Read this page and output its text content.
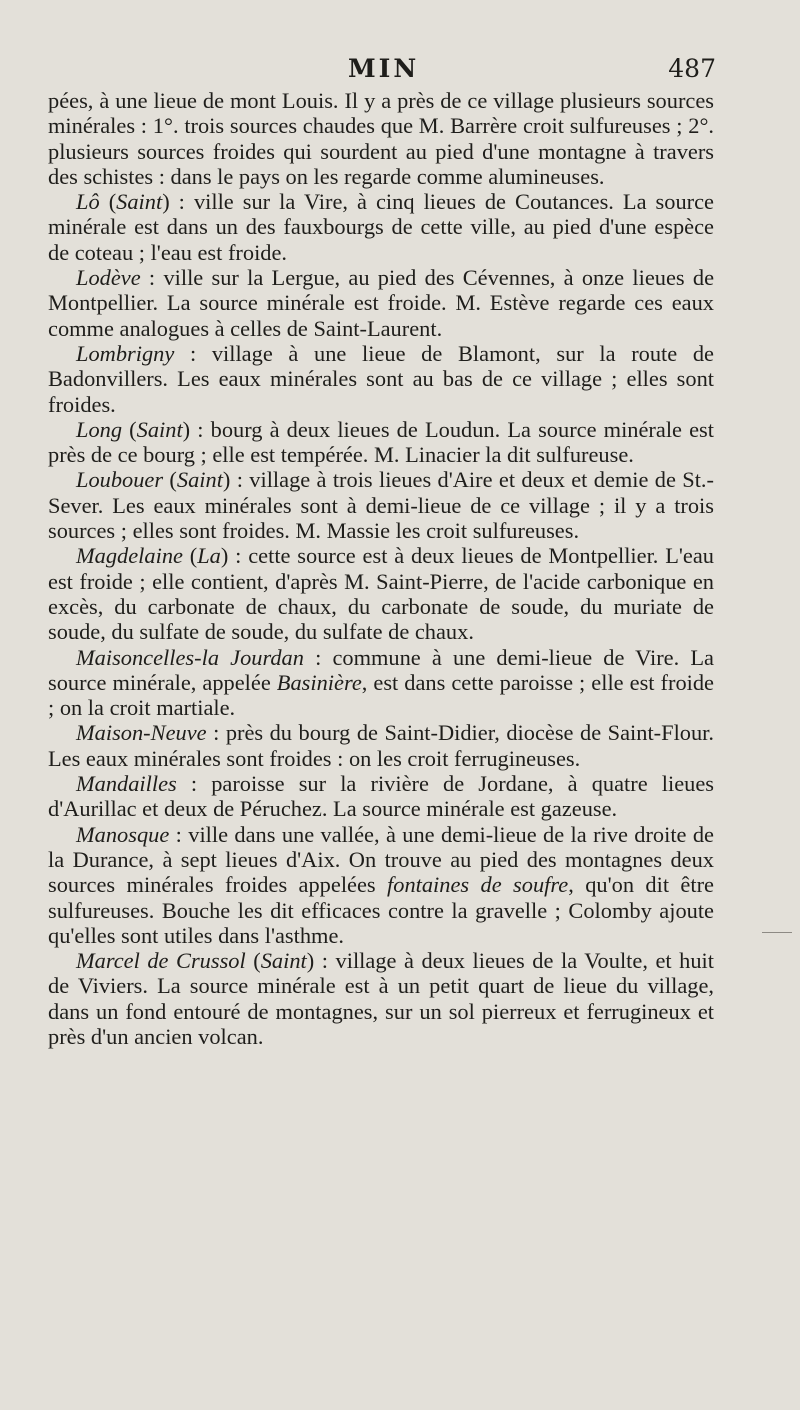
MIN	487

pées, à une lieue de mont Louis. Il y a près de ce village plusieurs sources minérales : 1°. trois sources chaudes que M. Barrère croit sulfureuses ; 2°. plusieurs sources froides qui sourdent au pied d'une montagne à travers des schistes : dans le pays on les regarde comme alumineuses.

Lô (Saint) : ville sur la Vire, à cinq lieues de Coutances. La source minérale est dans un des fauxbourgs de cette ville, au pied d'une espèce de coteau ; l'eau est froide.

Lodève : ville sur la Lergue, au pied des Cévennes, à onze lieues de Montpellier. La source minérale est froide. M. Estève regarde ces eaux comme analogues à celles de Saint-Laurent.

Lombrigny : village à une lieue de Blamont, sur la route de Badonvillers. Les eaux minérales sont au bas de ce village ; elles sont froides.

Long (Saint) : bourg à deux lieues de Loudun. La source minérale est près de ce bourg ; elle est tempérée. M. Linacier la dit sulfureuse.

Loubouer (Saint) : village à trois lieues d'Aire et deux et demie de St.-Sever. Les eaux minérales sont à demi-lieue de ce village ; il y a trois sources ; elles sont froides. M. Massie les croit sulfureuses.

Magdelaine (La) : cette source est à deux lieues de Montpellier. L'eau est froide ; elle contient, d'après M. Saint-Pierre, de l'acide carbonique en excès, du carbonate de chaux, du carbonate de soude, du muriate de soude, du sulfate de soude, du sulfate de chaux.

Maisoncelles-la Jourdan : commune à une demi-lieue de Vire. La source minérale, appelée Basinière, est dans cette paroisse ; elle est froide ; on la croit martiale.

Maison-Neuve : près du bourg de Saint-Didier, diocèse de Saint-Flour. Les eaux minérales sont froides : on les croit ferrugineuses.

Mandailles : paroisse sur la rivière de Jordane, à quatre lieues d'Aurillac et deux de Péruchez. La source minérale est gazeuse.

Manosque : ville dans une vallée, à une demi-lieue de la rive droite de la Durance, à sept lieues d'Aix. On trouve au pied des montagnes deux sources minérales froides appelées fontaines de soufre, qu'on dit être sulfureuses. Bouche les dit efficaces contre la gravelle ; Colomby ajoute qu'elles sont utiles dans l'asthme.

Marcel de Crussol (Saint) : village à deux lieues de la Voulte, et huit de Viviers. La source minérale est à un petit quart de lieue du village, dans un fond entouré de montagnes, sur un sol pierreux et ferrugineux et près d'un ancien volcan.
